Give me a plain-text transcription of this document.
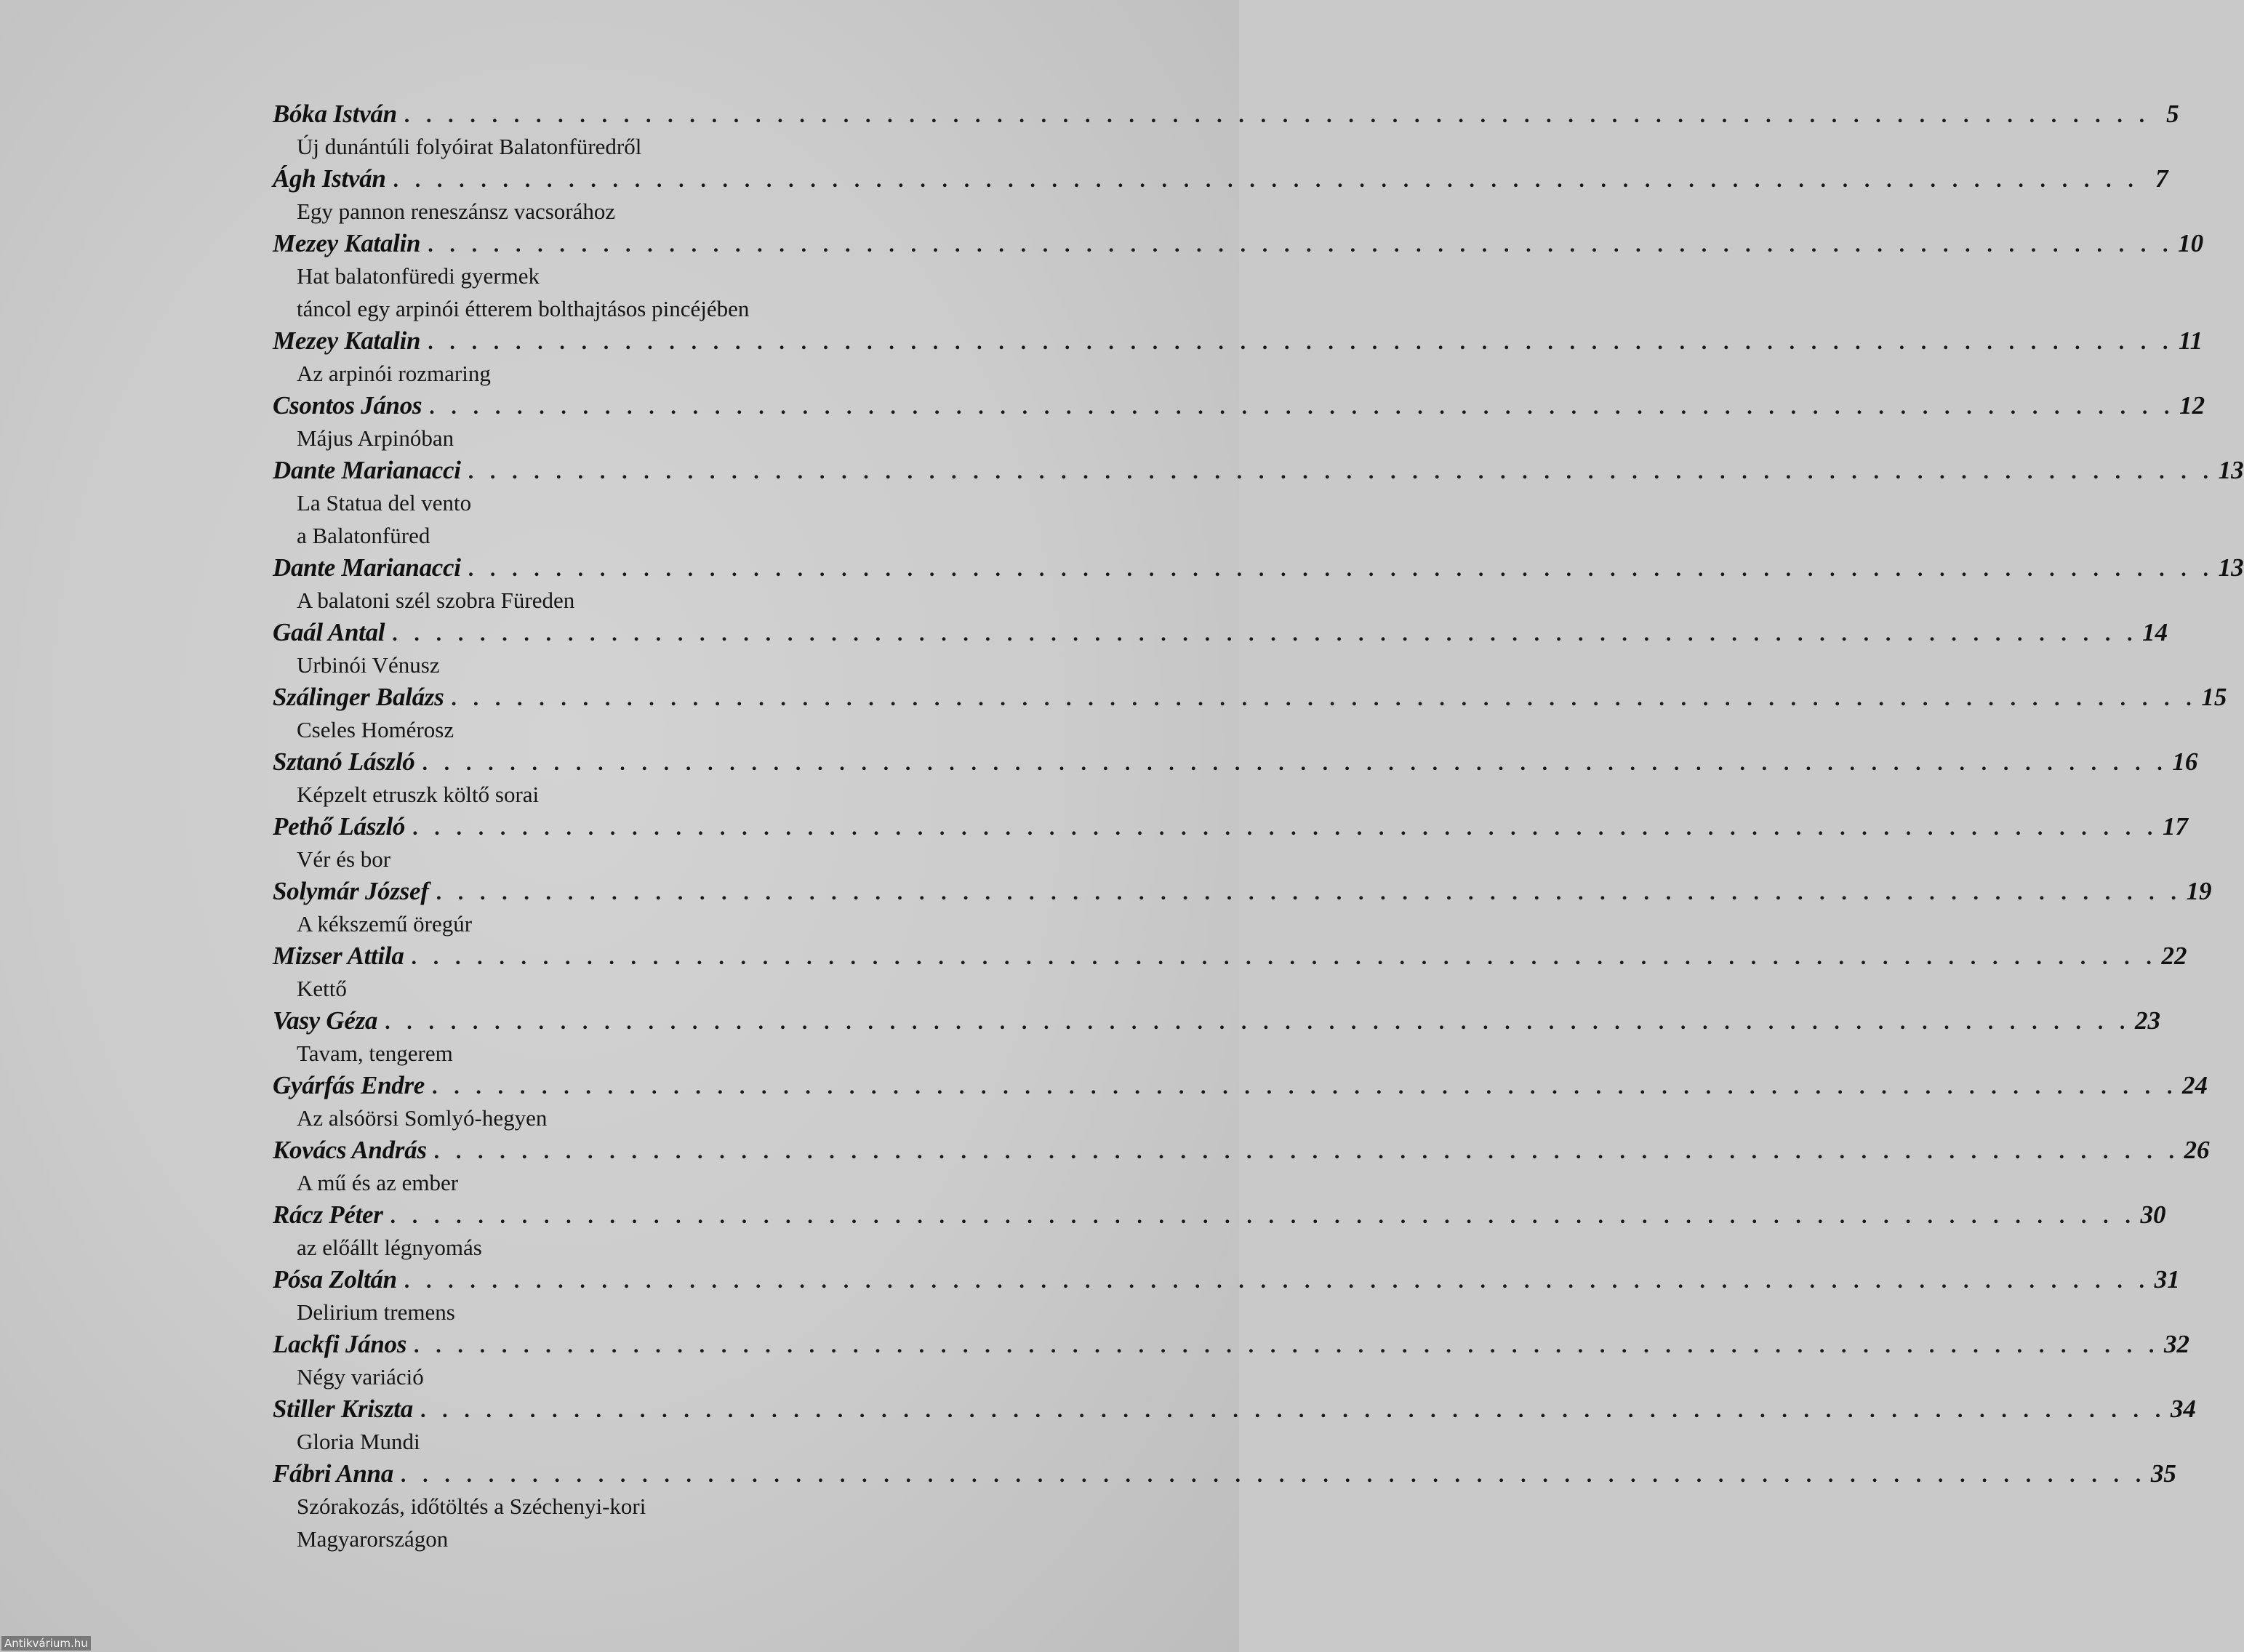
Bóka István . . . . . . . . . . . . . . . . . . . . . . . . . . . . . . . . . . . . . . . . . . . . . . . . . . . . . . . . . . . . . . . . . . . . . . . . . . . . . . . . 5
Új dunántúli folyóirat Balatonfüredről
Ágh István . . . . . . . . . . . . . . . . . . . . . . . . . . . . . . . . . . . . . . . . . . . . . . . . . . . . . . . . . . . . . . . . . . . . . . . . . . . . . . . . 7
Egy pannon reneszánsz vacsorához
Mezey Katalin . . . . . . . . . . . . . . . . . . . . . . . . . . . . . . . . . . . . . . . . . . . . . . . . . . . . . . . . . . . . . . . . . . . . . . . . . . . . . . . . 10
Hat balatonfüredi gyermek
táncol egy arpinói étterem bolthajtásos pincéjében
Mezey Katalin . . . . . . . . . . . . . . . . . . . . . . . . . . . . . . . . . . . . . . . . . . . . . . . . . . . . . . . . . . . . . . . . . . . . . . . . . . . . . . . . 11
Az arpinói rozmaring
Csontos János . . . . . . . . . . . . . . . . . . . . . . . . . . . . . . . . . . . . . . . . . . . . . . . . . . . . . . . . . . . . . . . . . . . . . . . . . . . . . . . . 12
Május Arpinóban
Dante Marianacci . . . . . . . . . . . . . . . . . . . . . . . . . . . . . . . . . . . . . . . . . . . . . . . . . . . . . . . . . . . . . . . . . . . . . . . . . . . . . . . . 13
La Statua del vento
a Balatonfüred
Dante Marianacci . . . . . . . . . . . . . . . . . . . . . . . . . . . . . . . . . . . . . . . . . . . . . . . . . . . . . . . . . . . . . . . . . . . . . . . . . . . . . . . . 13
A balatoni szél szobra Füreden
Gaál Antal . . . . . . . . . . . . . . . . . . . . . . . . . . . . . . . . . . . . . . . . . . . . . . . . . . . . . . . . . . . . . . . . . . . . . . . . . . . . . . . . 14
Urbinói Vénusz
Szálinger Balázs . . . . . . . . . . . . . . . . . . . . . . . . . . . . . . . . . . . . . . . . . . . . . . . . . . . . . . . . . . . . . . . . . . . . . . . . . . . . . . . . 15
Cseles Homérosz
Sztanó László . . . . . . . . . . . . . . . . . . . . . . . . . . . . . . . . . . . . . . . . . . . . . . . . . . . . . . . . . . . . . . . . . . . . . . . . . . . . . . . . 16
Képzelt etruszk költő sorai
Pethő László . . . . . . . . . . . . . . . . . . . . . . . . . . . . . . . . . . . . . . . . . . . . . . . . . . . . . . . . . . . . . . . . . . . . . . . . . . . . . . . . 17
Vér és bor
Solymár József . . . . . . . . . . . . . . . . . . . . . . . . . . . . . . . . . . . . . . . . . . . . . . . . . . . . . . . . . . . . . . . . . . . . . . . . . . . . . . . . 19
A kékszemű öregúr
Mizser Attila . . . . . . . . . . . . . . . . . . . . . . . . . . . . . . . . . . . . . . . . . . . . . . . . . . . . . . . . . . . . . . . . . . . . . . . . . . . . . . . . 22
Kettő
Vasy Géza . . . . . . . . . . . . . . . . . . . . . . . . . . . . . . . . . . . . . . . . . . . . . . . . . . . . . . . . . . . . . . . . . . . . . . . . . . . . . . . . 23
Tavam, tengerem
Gyárfás Endre . . . . . . . . . . . . . . . . . . . . . . . . . . . . . . . . . . . . . . . . . . . . . . . . . . . . . . . . . . . . . . . . . . . . . . . . . . . . . . . . 24
Az alsóörsi Somlyó-hegyen
Kovács András . . . . . . . . . . . . . . . . . . . . . . . . . . . . . . . . . . . . . . . . . . . . . . . . . . . . . . . . . . . . . . . . . . . . . . . . . . . . . . . . 26
A mű és az ember
Rácz Péter . . . . . . . . . . . . . . . . . . . . . . . . . . . . . . . . . . . . . . . . . . . . . . . . . . . . . . . . . . . . . . . . . . . . . . . . . . . . . . . . 30
az előállt légnyomás
Pósa Zoltán . . . . . . . . . . . . . . . . . . . . . . . . . . . . . . . . . . . . . . . . . . . . . . . . . . . . . . . . . . . . . . . . . . . . . . . . . . . . . . . . 31
Delirium tremens
Lackfi János . . . . . . . . . . . . . . . . . . . . . . . . . . . . . . . . . . . . . . . . . . . . . . . . . . . . . . . . . . . . . . . . . . . . . . . . . . . . . . . . 32
Négy variáció
Stiller Kriszta . . . . . . . . . . . . . . . . . . . . . . . . . . . . . . . . . . . . . . . . . . . . . . . . . . . . . . . . . . . . . . . . . . . . . . . . . . . . . . . . 34
Gloria Mundi
Fábri Anna . . . . . . . . . . . . . . . . . . . . . . . . . . . . . . . . . . . . . . . . . . . . . . . . . . . . . . . . . . . . . . . . . . . . . . . . . . . . . . . . 35
Szórakozás, időtöltés a Széchenyi-kori
Magyarországon
Antikvárium.hu
